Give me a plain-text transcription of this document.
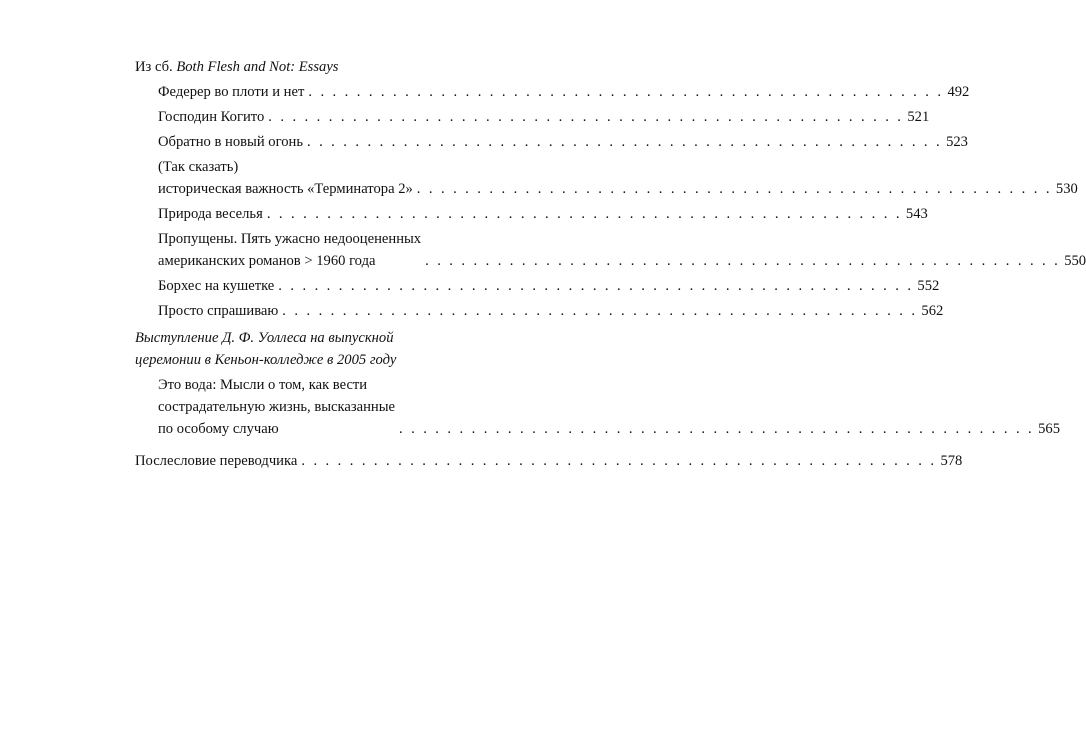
Из сб. Both Flesh and Not: Essays
Федерер во плоти и нет . . . . . . . . . . . . . . . . . . . . . . . . . . . . . . . . . . . . . . . . . . . . . . . . . . . . . 492
Господин Когито . . . . . . . . . . . . . . . . . . . . . . . . . . . . . . . . . . . . . . . . . . . . . . . . . . . . . 521
Обратно в новый огонь . . . . . . . . . . . . . . . . . . . . . . . . . . . . . . . . . . . . . . . . . . . . . . . . . . . . . 523
(Так сказать)
историческая важность «Терминатора 2» . . . . . . . . . . . . . . . . . . . . . . . . . . . . . . . . . . . . . . . . . . . . . . . . . . . . . 530
Природа веселья . . . . . . . . . . . . . . . . . . . . . . . . . . . . . . . . . . . . . . . . . . . . . . . . . . . . . 543
Пропущены. Пять ужасно недооцененных
американских романов > 1960 года	. . . . . . . . . . . . . . . . . . . . . . . . . . . . . . . . . . . . . . . . . . . . . . . . . . . . . 550
Борхес на кушетке . . . . . . . . . . . . . . . . . . . . . . . . . . . . . . . . . . . . . . . . . . . . . . . . . . . . . 552
Просто спрашиваю . . . . . . . . . . . . . . . . . . . . . . . . . . . . . . . . . . . . . . . . . . . . . . . . . . . . . 562
Выступление Д. Ф. Уоллеса на выпускной
церемонии в Кеньон-колледже в 2005 году
Это вода: Мысли о том, как вести
сострадательную жизнь, высказанные
по особому случаю	. . . . . . . . . . . . . . . . . . . . . . . . . . . . . . . . . . . . . . . . . . . . . . . . . . . . . 565
Послесловие переводчика . . . . . . . . . . . . . . . . . . . . . . . . . . . . . . . . . . . . . . . . . . . . . . . . . . . . . 578
